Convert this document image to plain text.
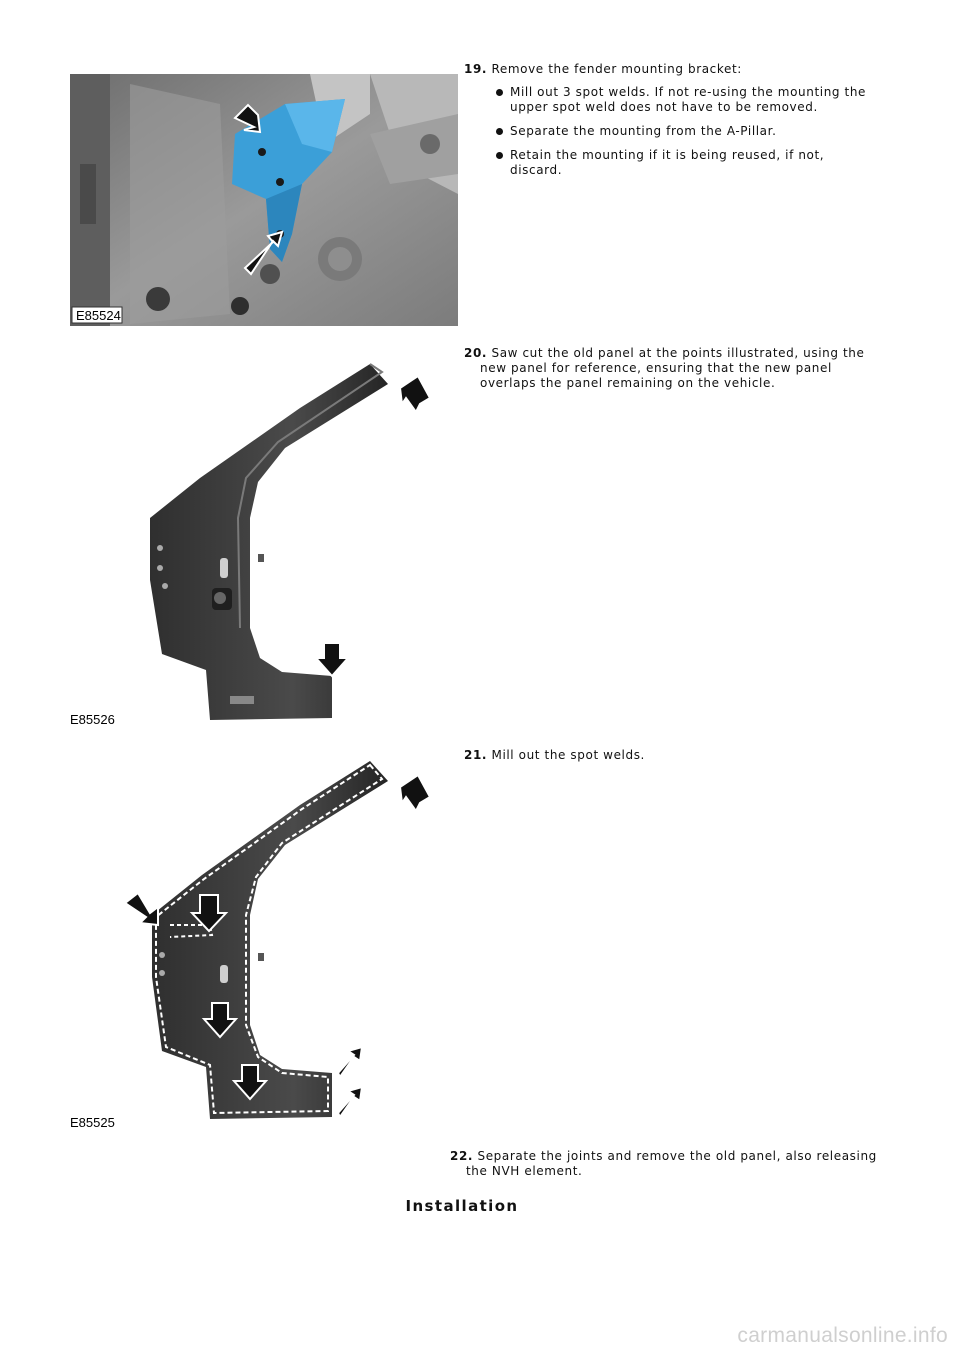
E85524
E85526
E85525
19. Remove the fender mounting bracket:
Mill out 3 spot welds. If not re-using the mounting the
upper spot weld does not have to be removed.
Separate the mounting from the A-Pillar.
Retain the mounting if it is being reused, if not,
discard.
20. Saw cut the old panel at the points illustrated, using the
new panel for reference, ensuring that the new panel
overlaps the panel remaining on the vehicle.
21. Mill out the spot welds.
22. Separate the joints and remove the old panel, also releasing
the NVH element.
Installation
carmanualsonline.info
